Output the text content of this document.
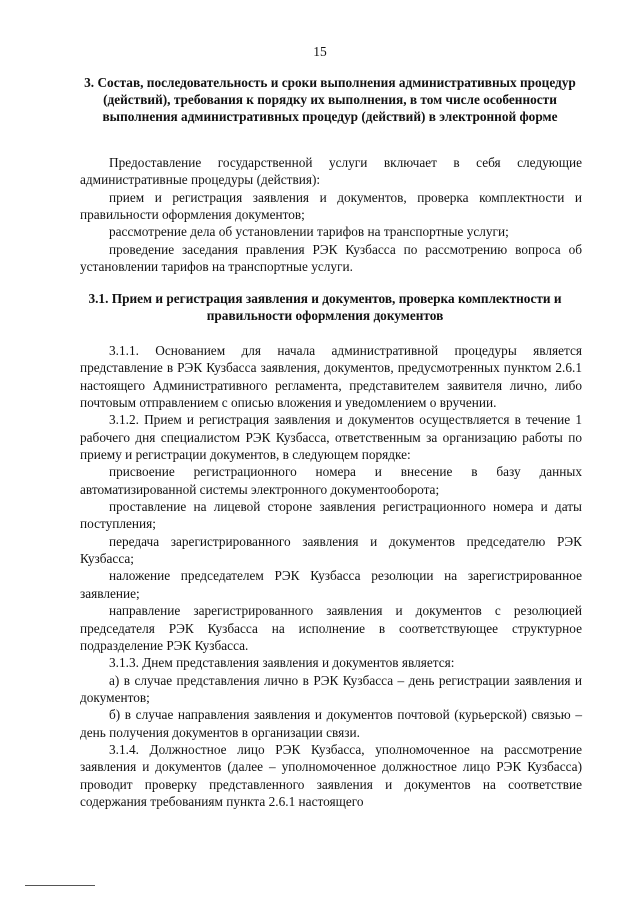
15
3. Состав, последовательность и сроки выполнения административных процедур (действий), требования к порядку их выполнения, в том числе особенности выполнения административных процедур (действий) в электронной форме

Предоставление государственной услуги включает в себя следующие административные процедуры (действия):

прием и регистрация заявления и документов, проверка комплектности и правильности оформления документов;

рассмотрение дела об установлении тарифов на транспортные услуги;

проведение заседания правления РЭК Кузбасса по рассмотрению вопроса об установлении тарифов на транспортные услуги.

3.1. Прием и регистрация заявления и документов, проверка комплектности и правильности оформления документов

3.1.1. Основанием для начала административной процедуры является представление в РЭК Кузбасса заявления, документов, предусмотренных пунктом 2.6.1 настоящего Административного регламента, представителем заявителя лично, либо почтовым отправлением с описью вложения и уведомлением о вручении.

3.1.2. Прием и регистрация заявления и документов осуществляется в течение 1 рабочего дня специалистом РЭК Кузбасса, ответственным за организацию работы по приему и регистрации документов, в следующем порядке:

присвоение регистрационного номера и внесение в базу данных автоматизированной системы электронного документооборота;

проставление на лицевой стороне заявления регистрационного номера и даты поступления;

передача зарегистрированного заявления и документов председателю РЭК Кузбасса;

наложение председателем РЭК Кузбасса резолюции на зарегистрированное заявление;

направление зарегистрированного заявления и документов с резолюцией председателя РЭК Кузбасса на исполнение в соответствующее структурное подразделение РЭК Кузбасса.

3.1.3. Днем представления заявления и документов является:

а) в случае представления лично в РЭК Кузбасса – день регистрации заявления и документов;

б) в случае направления заявления и документов почтовой (курьерской) связью – день получения документов в организации связи.

3.1.4. Должностное лицо РЭК Кузбасса, уполномоченное на рассмотрение заявления и документов (далее – уполномоченное должностное лицо РЭК Кузбасса) проводит проверку представленного заявления и документов на соответствие содержания требованиям пункта 2.6.1 настоящего
